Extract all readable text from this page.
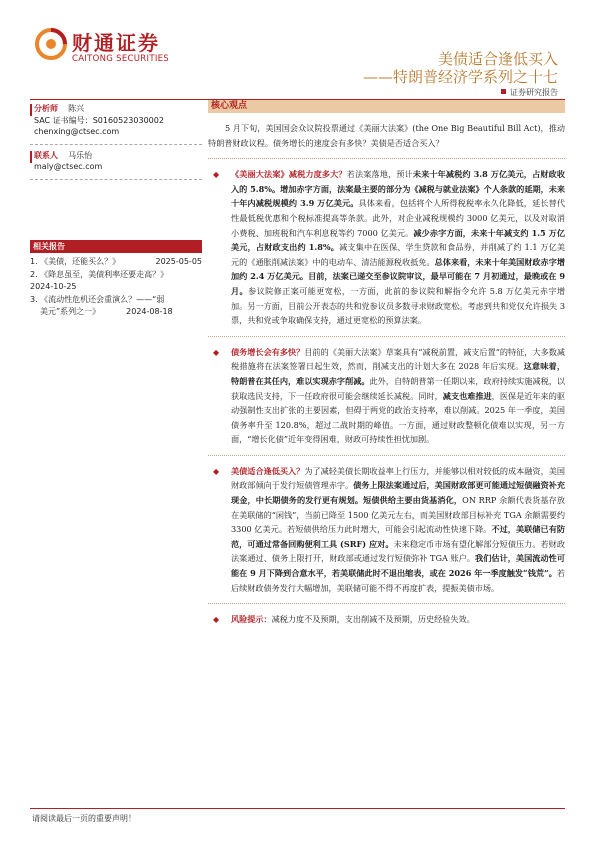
财通证券
CAITONG SECURITIES	美债适合逢低买入
——特朗普经济学系列之十七
证券研究报告
分析师 陈兴
SAC 证书编号：S0160523030002
chenxing@ctsec.com
联系人 马乐怡
maly@ctsec.com
相关报告
1. 《美债，还能买么？》	2025-05-05
2. 《降息虽至，美债利率还要走高？》
2024-10-25
3. 《流动性危机还会重演么？——“弱
美元”系列之一》	2024-08-18
核心观点

5 月下旬，美国国会众议院投票通过《美丽大法案》(the One Big Beautiful Bill Act)，推动特朗普财政议程。债务增长的速度会有多快？美债是否适合买入？

◆ 《美丽大法案》减税力度多大？若法案落地，预计未来十年减税约 3.8 万亿美元，占财政收入的 5.8%。增加赤字方面，法案最主要的部分为《减税与就业法案》个人条款的延期，未来十年内减税规模约 3.9 万亿美元。具体来看，包括将个人所得税税率永久化降低，延长替代性最低税优惠和个税标准提高等条款。此外，对企业减税规模约 3000 亿美元，以及对取消小费税、加班税和汽车利息税等约 7000 亿美元。减少赤字方面，未来十年减支约 1.5 万亿美元，占财政支出约 1.8%。减支集中在医保、学生贷款和食品券，并削减了约 1.1 万亿美元的《通胀削减法案》中的电动车、清洁能源税收抵免。总体来看，未来十年美国财政赤字增加约 2.4 万亿美元。目前，法案已递交至参议院审议，最早可能在 7 月初通过，最晚或在 9 月。参议院修正案可能更宽松，一方面，此前的参议院和解指令允许 5.8 万亿美元赤字增加。另一方面，目前公开表态的共和党参议员多数寻求财政宽松。考虑到共和党仅允许损失 3 票，共和党或争取确保支持，通过更宽松的预算法案。

◆ 债务增长会有多快？目前的《美丽大法案》草案具有“减税前置，减支后置”的特征，大多数减税措施将在法案签署日起生效，然而，削减支出的计划大多在 2028 年后实现。这意味着，特朗普在其任内，难以实现赤字削减。此外，自特朗普第一任期以来，政府持续实施减税，以获取选民支持，下一任政府很可能会继续延长减税。同时，减支也难推进，医保是近年来的驱动强制性支出扩张的主要因素，但碍于两党的政治支持率，难以削减。2025 年一季度，美国债务率升至 120.8%，超过二战时期的峰值。一方面，通过财政整顿化债难以实现，另一方面，“增长化债”近年变得困难，财政可持续性担忧加剧。

◆ 美债适合逢低买入？为了减轻美债长期收益率上行压力，并能够以相对较低的成本融资，美国财政部倾向于发行短债管理赤字。债务上限法案通过后，美国财政部更可能通过短债融资补充现金，中长期债务的发行更有规划。短债供给主要由货基消化，ON RRP 余额代表货基存放在美联储的“闲钱”，当前已降至 1500 亿美元左右，而美国财政部目标补充 TGA 余额需要约 3300 亿美元。若短债供给压力此时增大，可能会引起流动性快速下降。不过，美联储已有防范，可通过常备回购便利工具 (SRF) 应对。未来稳定币市场有望化解部分短债压力。若财政法案通过、债务上限打开，财政部或通过发行短债弥补 TGA 账户。我们估计，美国流动性可能在 9 月下降到合意水平，若美联储此时不退出缩表，或在 2026 年一季度触发“钱荒”。若后续财政债务发行大幅增加，美联储可能不得不再度扩表，提振美债市场。

◆ 风险提示：减税力度不及预期，支出削减不及预期，历史经验失效。

请阅读最后一页的重要声明！
